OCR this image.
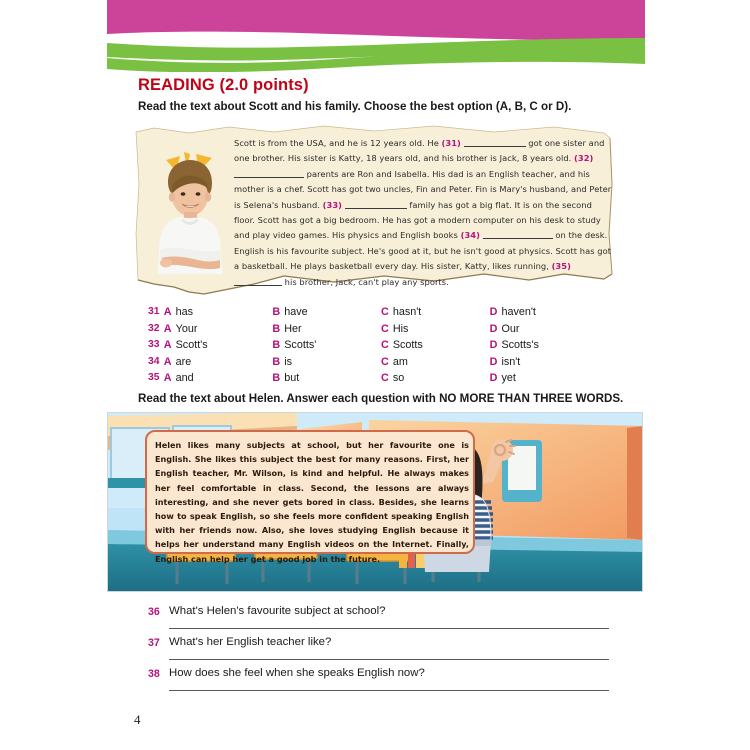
READING (2.0 points)
Read the text about Scott and his family. Choose the best option (A, B, C or D).
Scott is from the USA, and he is 12 years old. He (31)	got one sister and one brother. His sister is Katty, 18 years old, and his brother is Jack, 8 years old. (32)  parents are Ron and Isabella. His dad is an English teacher, and his mother is a chef. Scott has got two uncles, Fin and Peter. Fin is Mary's husband, and Peter is Selena's husband. (33)	family has got a big flat. It is on the second floor. Scott has got a big bedroom. He has got a modern computer on his desk to study and play video games. His physics and English books (34)	on the desk. English is his favourite subject. He's good at it, but he isn't good at physics. Scott has got a basketball. He plays basketball every day. His sister, Katty, likes running, (35)  his brother, Jack, can't play any sports.
31 A has	B have	C hasn't	D haven't
32 A Your	B Her	C His	D Our
33 A Scott's	B Scotts'	C Scotts	D Scotts's
34 A are	B is	C am	D isn't
35 A and	B but	C so	D yet
Read the text about Helen. Answer each question with NO MORE THAN THREE WORDS.
Helen likes many subjects at school, but her favourite one is English. She likes this subject the best for many reasons. First, her English teacher, Mr. Wilson, is kind and helpful. He always makes her feel comfortable in class. Second, the lessons are always interesting, and she never gets bored in class. Besides, she learns how to speak English, so she feels more confident speaking English with her friends now. Also, she loves studying English because it helps her understand many English videos on the Internet. Finally, English can help her get a good job in the future.
36 What's Helen's favourite subject at school?
37 What's her English teacher like?
38 How does she feel when she speaks English now?
4
